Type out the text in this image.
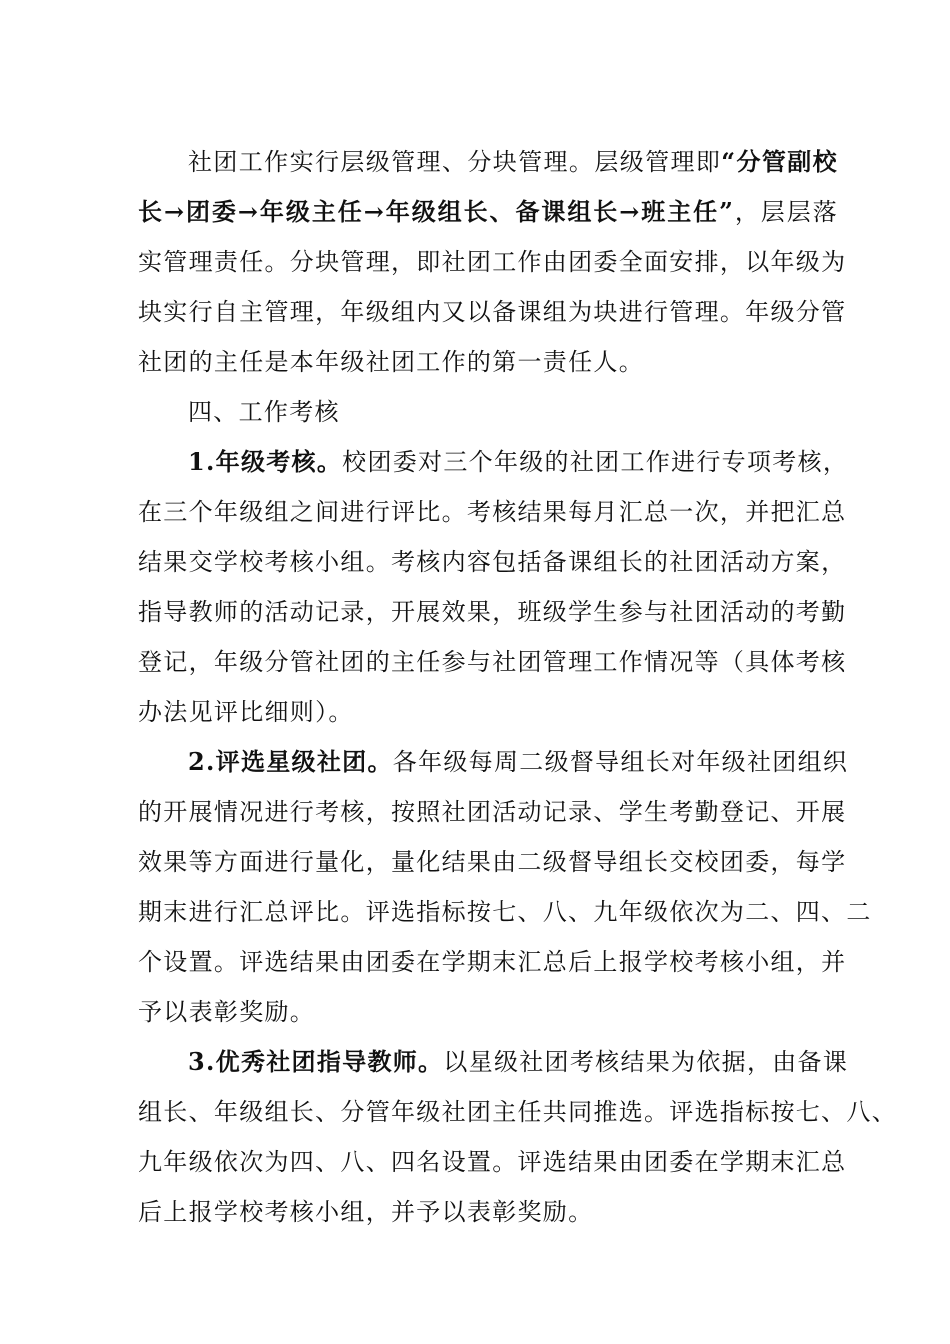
社团工作实行层级管理、分块管理。层级管理即“分管副校
长→团委→年级主任→年级组长、备课组长→班主任”，层层落
实管理责任。分块管理，即社团工作由团委全面安排，以年级为
块实行自主管理，年级组内又以备课组为块进行管理。年级分管
社团的主任是本年级社团工作的第一责任人。
四、工作考核
1.年级考核。校团委对三个年级的社团工作进行专项考核，
在三个年级组之间进行评比。考核结果每月汇总一次，并把汇总
结果交学校考核小组。考核内容包括备课组长的社团活动方案，
指导教师的活动记录，开展效果，班级学生参与社团活动的考勤
登记，年级分管社团的主任参与社团管理工作情况等（具体考核
办法见评比细则）。
2.评选星级社团。各年级每周二级督导组长对年级社团组织
的开展情况进行考核，按照社团活动记录、学生考勤登记、开展
效果等方面进行量化，量化结果由二级督导组长交校团委，每学
期末进行汇总评比。评选指标按七、八、九年级依次为二、四、二
个设置。评选结果由团委在学期末汇总后上报学校考核小组，并
予以表彰奖励。
3.优秀社团指导教师。以星级社团考核结果为依据，由备课
组长、年级组长、分管年级社团主任共同推选。评选指标按七、八、
九年级依次为四、八、四名设置。评选结果由团委在学期末汇总
后上报学校考核小组，并予以表彰奖励。
